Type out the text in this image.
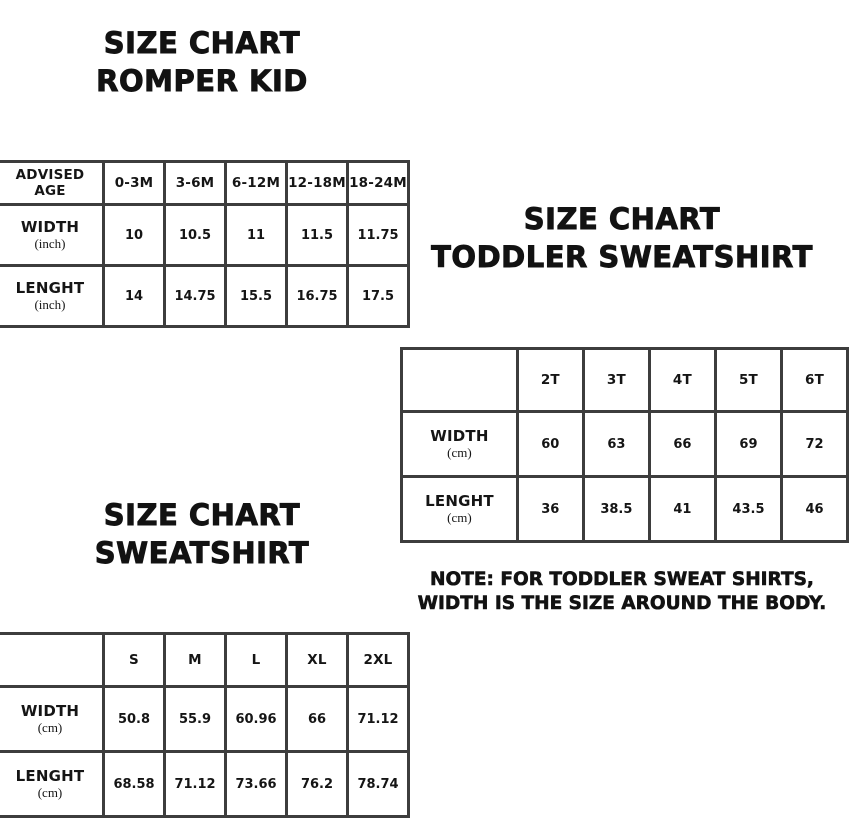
SIZE CHART
ROMPER KID
ADVISED AGE	0-3M	3-6M	6-12M	12-18M	18-24M
WIDTH
(inch)	10	10.5	11	11.5	11.75
LENGHT
(inch)	14	14.75	15.5	16.75	17.5
SIZE CHART
TODDLER SWEATSHIRT
	2T	3T	4T	5T	6T
WIDTH
(cm)	60	63	66	69	72
LENGHT
(cm)	36	38.5	41	43.5	46
NOTE: FOR TODDLER SWEAT SHIRTS,
WIDTH IS THE SIZE AROUND THE BODY.
SIZE CHART
SWEATSHIRT
	S	M	L	XL	2XL
WIDTH
(cm)	50.8	55.9	60.96	66	71.12
LENGHT
(cm)	68.58	71.12	73.66	76.2	78.74
